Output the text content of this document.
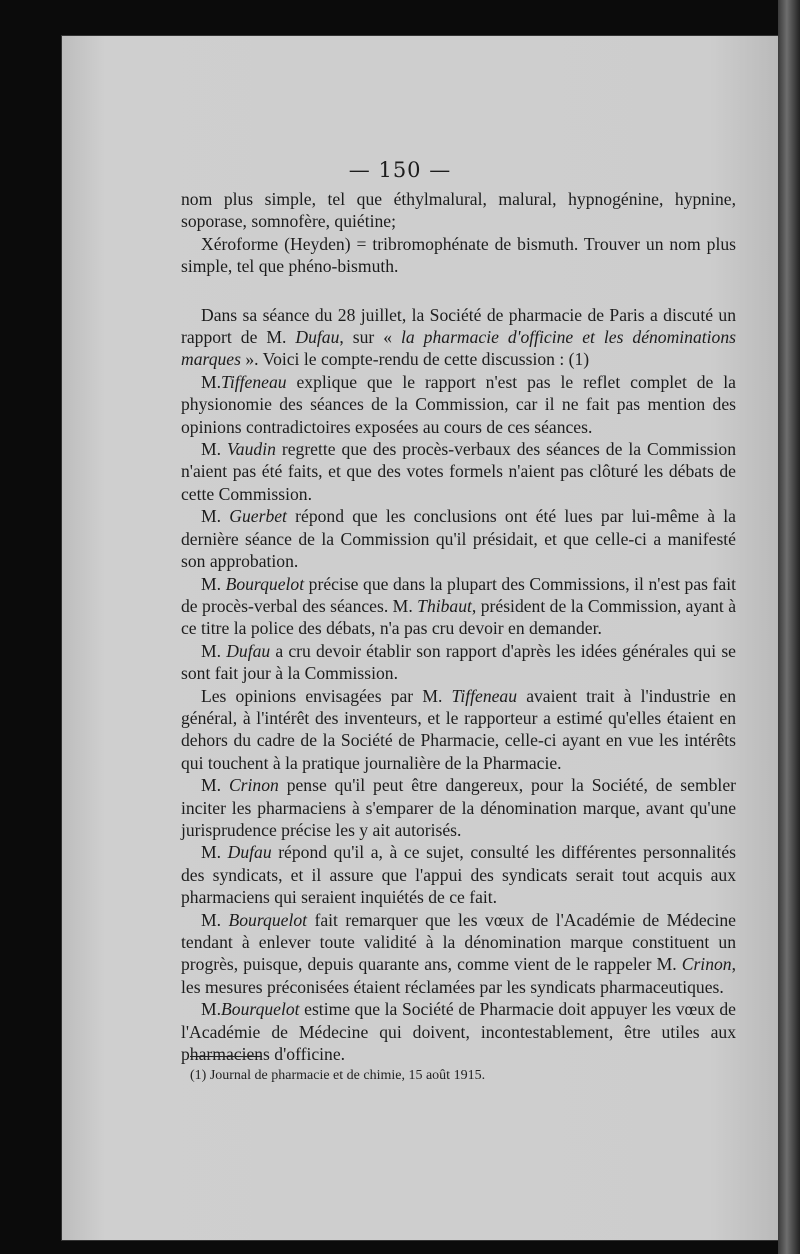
— 150 —

nom plus simple, tel que éthylmalural, malural, hypnogénine, hypnine, soporase, somnofère, quiétine;

Xéroforme (Heyden) = tribromophénate de bismuth. Trouver un nom plus simple, tel que phéno-bismuth.

Dans sa séance du 28 juillet, la Société de pharmacie de Paris a discuté un rapport de M. Dufau, sur « la pharmacie d'officine et les dénominations marques ». Voici le compte-rendu de cette discussion : (1)

M.Tiffeneau explique que le rapport n'est pas le reflet complet de la physionomie des séances de la Commission, car il ne fait pas mention des opinions contradictoires exposées au cours de ces séances.

M. Vaudin regrette que des procès-verbaux des séances de la Commission n'aient pas été faits, et que des votes formels n'aient pas clôturé les débats de cette Commission.

M. Guerbet répond que les conclusions ont été lues par lui-même à la dernière séance de la Commission qu'il présidait, et que celle-ci a manifesté son approbation.

M. Bourquelot précise que dans la plupart des Commissions, il n'est pas fait de procès-verbal des séances. M. Thibaut, président de la Commission, ayant à ce titre la police des débats, n'a pas cru devoir en demander.

M. Dufau a cru devoir établir son rapport d'après les idées générales qui se sont fait jour à la Commission.

Les opinions envisagées par M. Tiffeneau avaient trait à l'industrie en général, à l'intérêt des inventeurs, et le rapporteur a estimé qu'elles étaient en dehors du cadre de la Société de Pharmacie, celle-ci ayant en vue les intérêts qui touchent à la pratique journalière de la Pharmacie.

M. Crinon pense qu'il peut être dangereux, pour la Société, de sembler inciter les pharmaciens à s'emparer de la dénomination marque, avant qu'une jurisprudence précise les y ait autorisés.

M. Dufau répond qu'il a, à ce sujet, consulté les différentes personnalités des syndicats, et il assure que l'appui des syndicats serait tout acquis aux pharmaciens qui seraient inquiétés de ce fait.

M. Bourquelot fait remarquer que les vœux de l'Académie de Médecine tendant à enlever toute validité à la dénomination marque constituent un progrès, puisque, depuis quarante ans, comme vient de le rappeler M. Crinon, les mesures préconisées étaient réclamées par les syndicats pharmaceutiques.

M.Bourquelot estime que la Société de Pharmacie doit appuyer les vœux de l'Académie de Médecine qui doivent, incontestablement, être utiles aux pharmaciens d'officine.

(1) Journal de pharmacie et de chimie, 15 août 1915.
